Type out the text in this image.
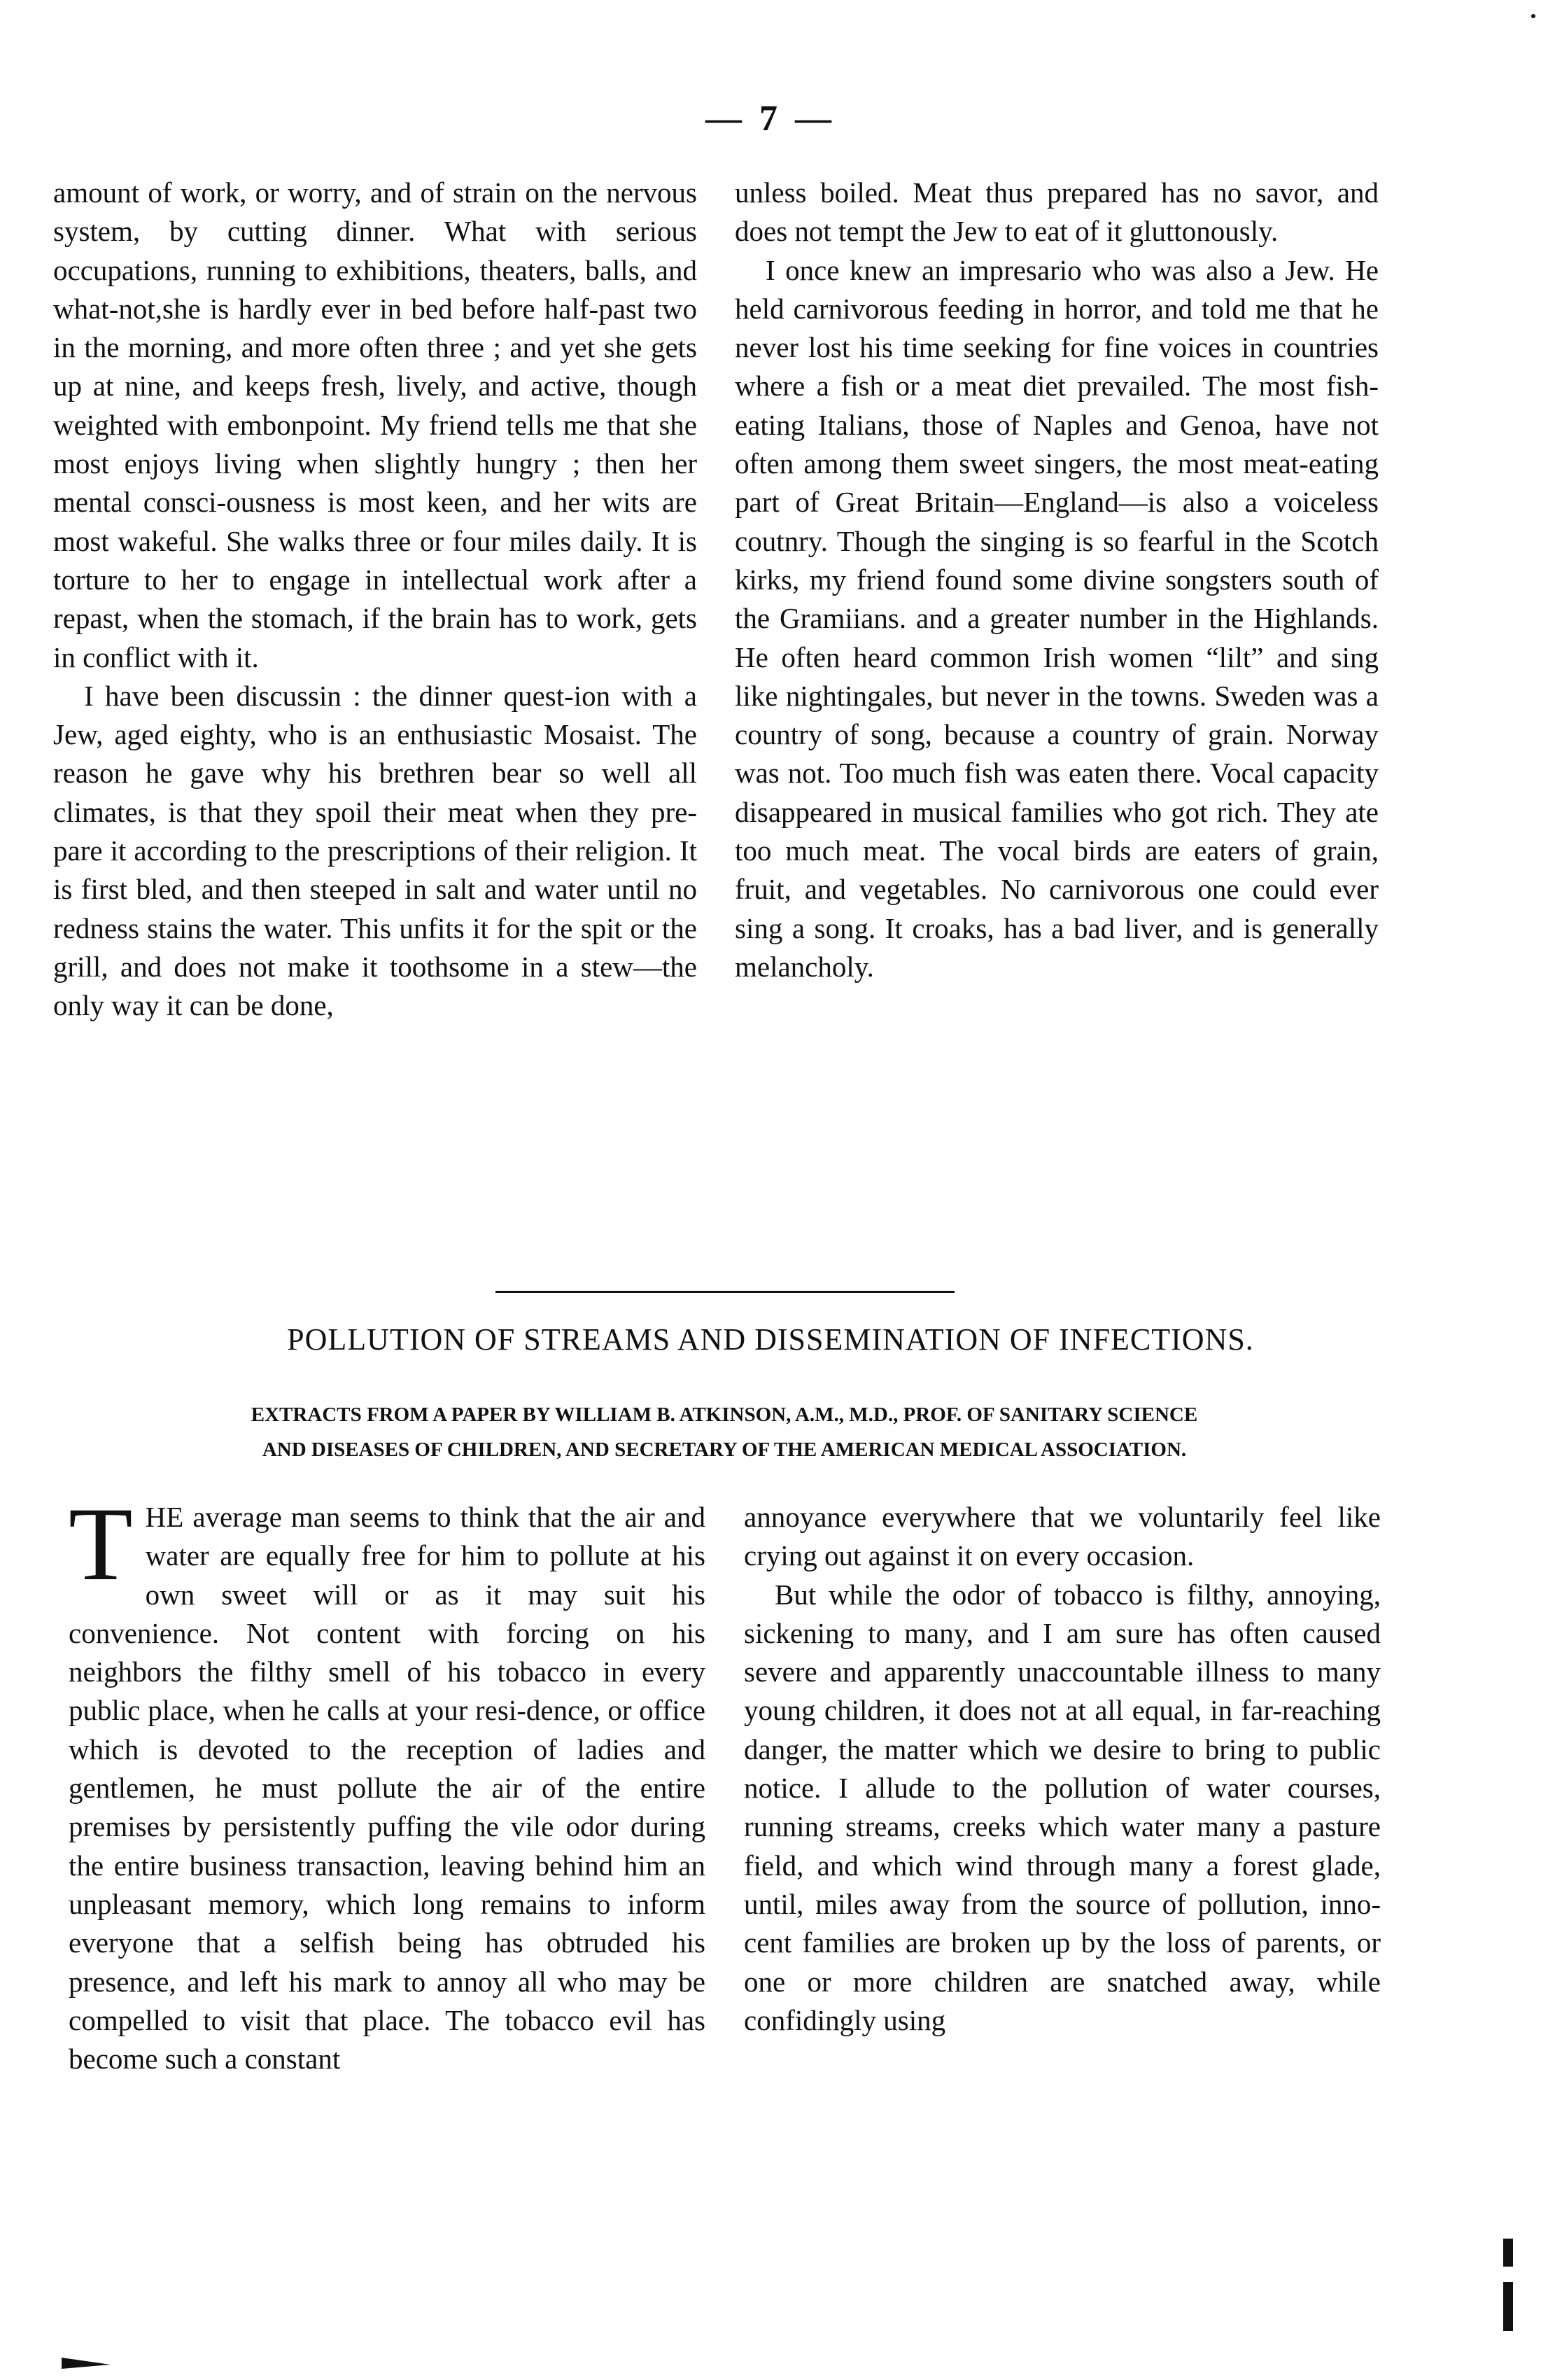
— 7 —

amount of work, or worry, and of strain on the nervous system, by cutting dinner. What with serious occupations, running to exhibitions, theaters, balls, and what-not,she is hardly ever in bed before half-past two in the morning, and more often three ; and yet she gets up at nine, and keeps fresh, lively, and active, though weighted with embonpoint. My friend tells me that she most enjoys living when slightly hungry ; then her mental consci-ousness is most keen, and her wits are most wakeful. She walks three or four miles daily. It is torture to her to engage in intellectual work after a repast, when the stomach, if the brain has to work, gets in conflict with it.

I have been discussin : the dinner quest-ion with a Jew, aged eighty, who is an enthusiastic Mosaist. The reason he gave why his brethren bear so well all climates, is that they spoil their meat when they pre-pare it according to the prescriptions of their religion. It is first bled, and then steeped in salt and water until no redness stains the water. This unfits it for the spit or the grill, and does not make it toothsome in a stew—the only way it can be done,

unless boiled. Meat thus prepared has no savor, and does not tempt the Jew to eat of it gluttonously.

I once knew an impresario who was also a Jew. He held carnivorous feeding in horror, and told me that he never lost his time seeking for fine voices in countries where a fish or a meat diet prevailed. The most fish-eating Italians, those of Naples and Genoa, have not often among them sweet singers, the most meat-eating part of Great Britain—England—is also a voiceless coutnry. Though the singing is so fearful in the Scotch kirks, my friend found some divine songsters south of the Gramiians. and a greater number in the Highlands. He often heard common Irish women “lilt” and sing like nightingales, but never in the towns. Sweden was a country of song, because a country of grain. Norway was not. Too much fish was eaten there. Vocal capacity disappeared in musical families who got rich. They ate too much meat. The vocal birds are eaters of grain, fruit, and vegetables. No carnivorous one could ever sing a song. It croaks, has a bad liver, and is generally melancholy.

POLLUTION OF STREAMS AND DISSEMINATION OF INFECTIONS.
EXTRACTS FROM A PAPER BY WILLIAM B. ATKINSON, A.M., M.D., PROF. OF SANITARY SCIENCE
AND DISEASES OF CHILDREN, AND SECRETARY OF THE AMERICAN MEDICAL ASSOCIATION.

THE average man seems to think that the air and water are equally free for him to pollute at his own sweet will or as it may suit his convenience. Not content with forcing on his neighbors the filthy smell of his tobacco in every public place, when he calls at your resi-dence, or office which is devoted to the reception of ladies and gentlemen, he must pollute the air of the entire premises by persistently puffing the vile odor during the entire business transaction, leaving behind him an unpleasant memory, which long remains to inform everyone that a selfish being has obtruded his presence, and left his mark to annoy all who may be compelled to visit that place. The tobacco evil has become such a constant

annoyance everywhere that we voluntarily feel like crying out against it on every occasion.

But while the odor of tobacco is filthy, annoying, sickening to many, and I am sure has often caused severe and apparently unaccountable illness to many young children, it does not at all equal, in far-reaching danger, the matter which we desire to bring to public notice. I allude to the pollution of water courses, running streams, creeks which water many a pasture field, and which wind through many a forest glade, until, miles away from the source of pollution, inno-cent families are broken up by the loss of parents, or one or more children are snatched away, while confidingly using
